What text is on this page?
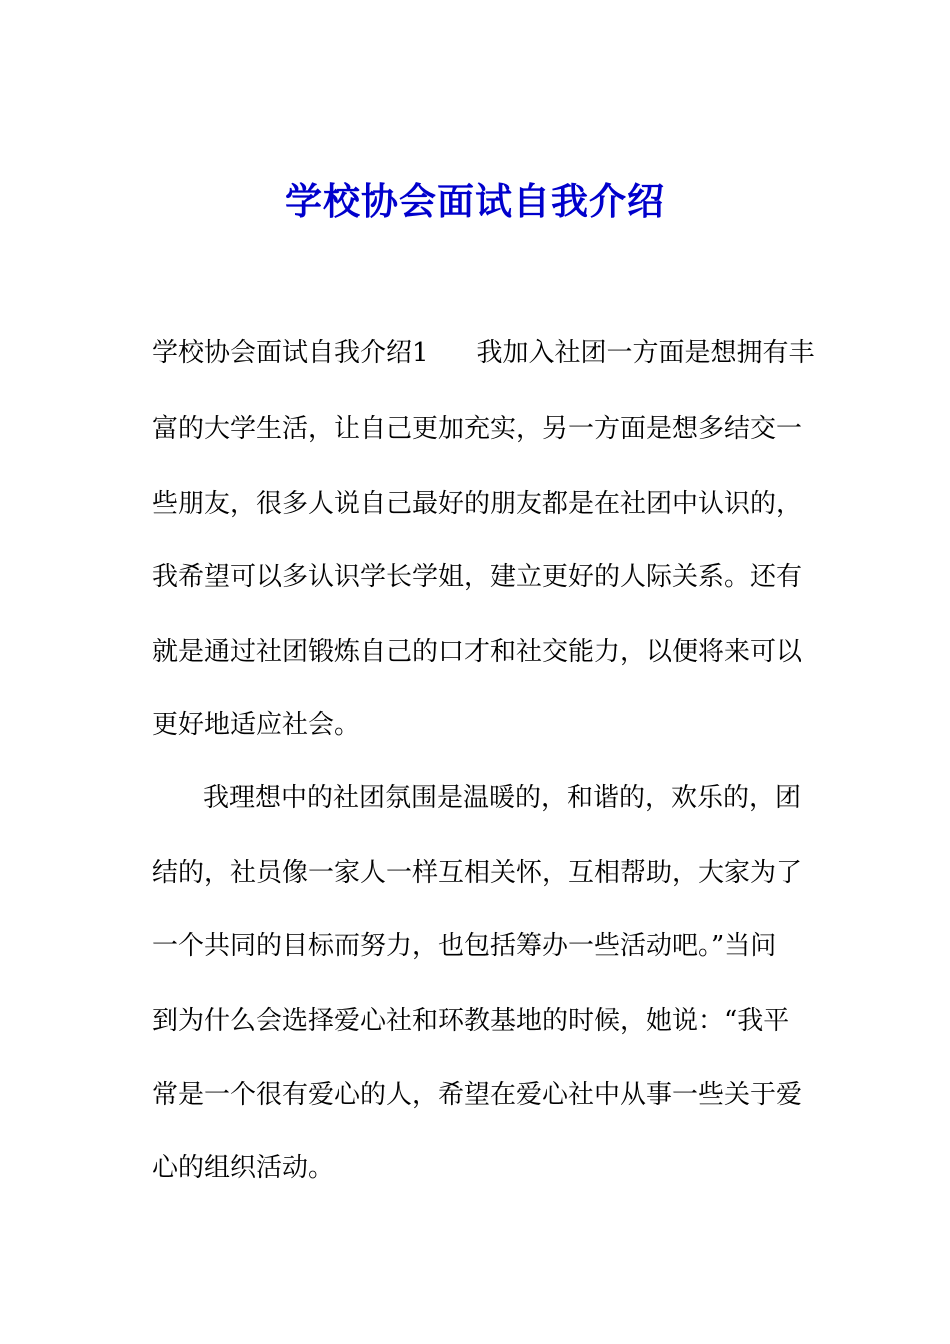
学校协会面试自我介绍
学校协会面试自我介绍1 我加入社团一方面是想拥有丰
富的大学生活，让自己更加充实，另一方面是想多结交一
些朋友，很多人说自己最好的朋友都是在社团中认识的，
我希望可以多认识学长学姐，建立更好的人际关系。还有
就是通过社团锻炼自己的口才和社交能力，以便将来可以
更好地适应社会。
我理想中的社团氛围是温暖的，和谐的，欢乐的，团
结的，社员像一家人一样互相关怀，互相帮助，大家为了
一个共同的目标而努力，也包括筹办一些活动吧。”当问
到为什么会选择爱心社和环教基地的时候，她说：“我平
常是一个很有爱心的人，希望在爱心社中从事一些关于爱
心的组织活动。
